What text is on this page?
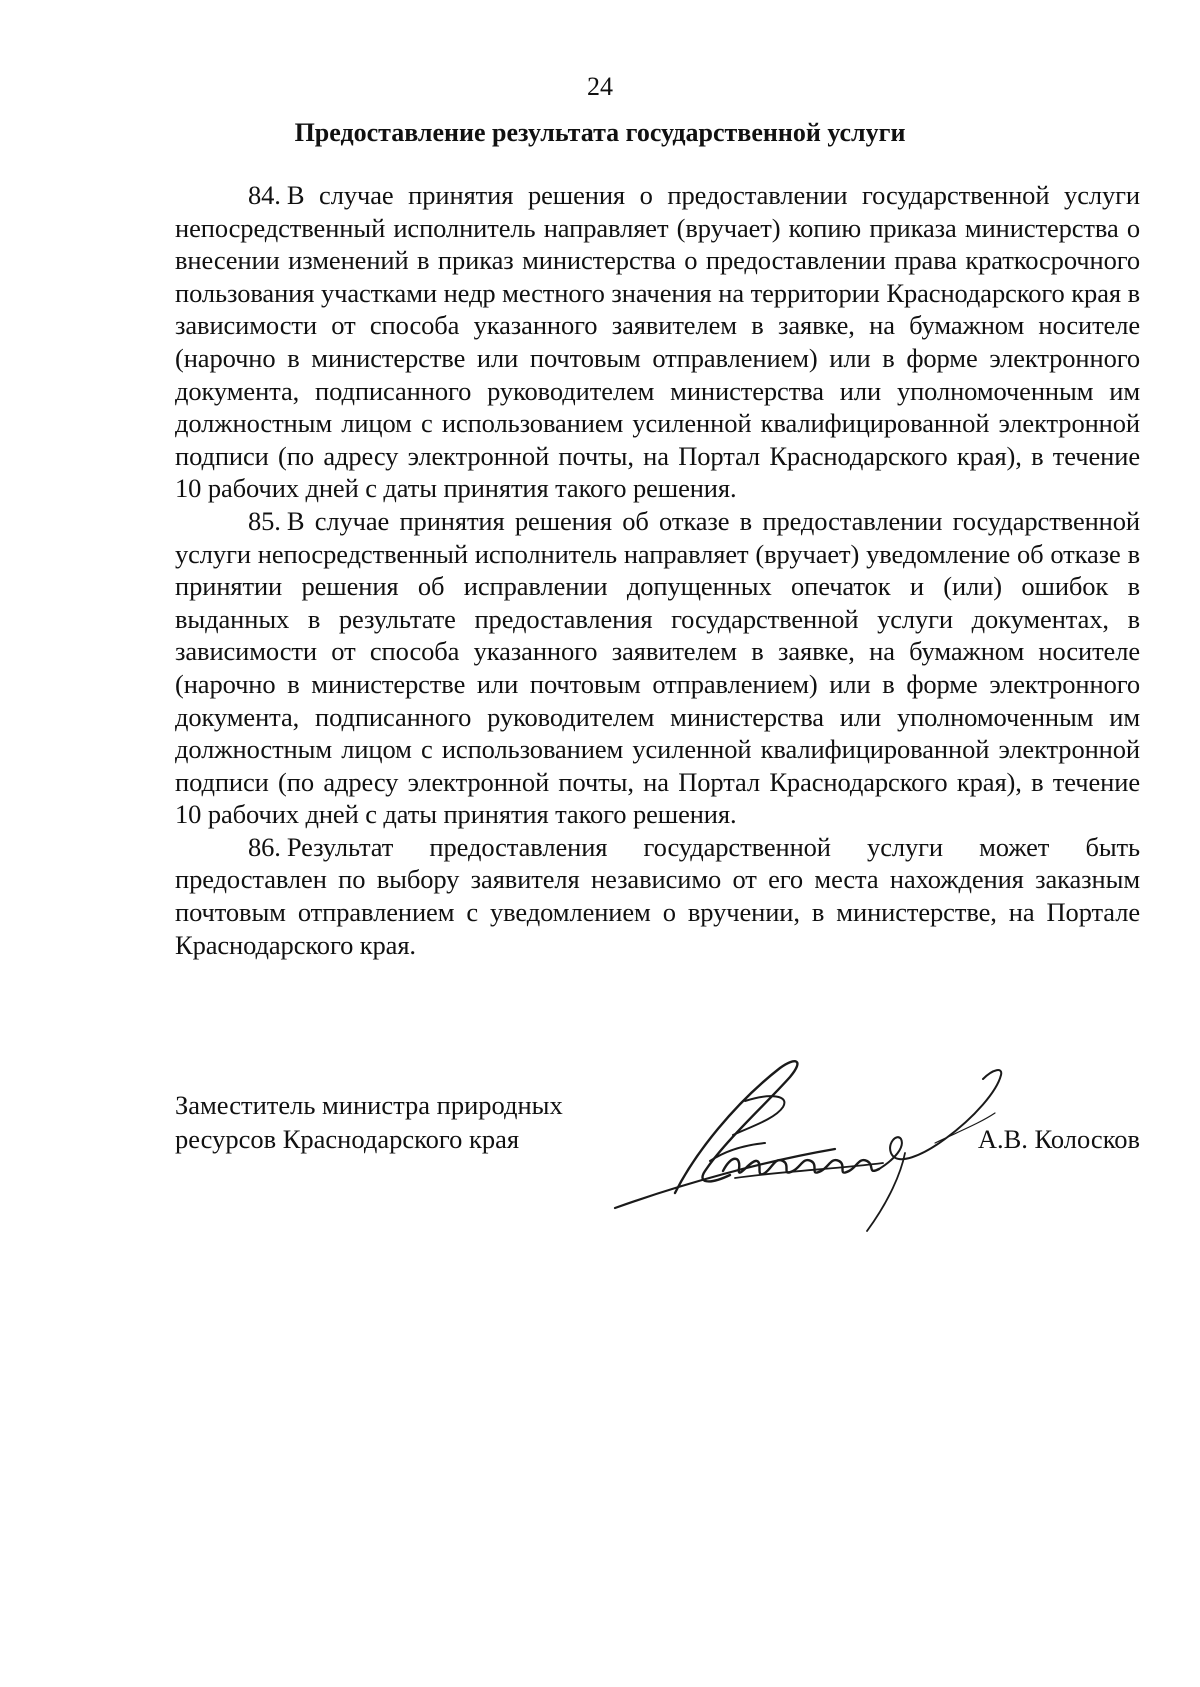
24
Предоставление результата государственной услуги

84. В случае принятия решения о предоставлении государственной услуги непосредственный исполнитель направляет (вручает) копию приказа министерства о внесении изменений в приказ министерства о предоставлении права краткосрочного пользования участками недр местного значения на территории Краснодарского края в зависимости от способа указанного заявителем в заявке, на бумажном носителе (нарочно в министерстве или почтовым отправлением) или в форме электронного документа, подписанного руководителем министерства или уполномоченным им должностным лицом с использованием усиленной квалифицированной электронной подписи (по адресу электронной почты, на Портал Краснодарского края), в течение 10 рабочих дней с даты принятия такого решения.

85. В случае принятия решения об отказе в предоставлении государственной услуги непосредственный исполнитель направляет (вручает) уведомление об отказе в принятии решения об исправлении допущенных опечаток и (или) ошибок в выданных в результате предоставления государственной услуги документах, в зависимости от способа указанного заявителем в заявке, на бумажном носителе (нарочно в министерстве или почтовым отправлением) или в форме электронного документа, подписанного руководителем министерства или уполномоченным им должностным лицом с использованием усиленной квалифицированной электронной подписи (по адресу электронной почты, на Портал Краснодарского края), в течение 10 рабочих дней с даты принятия такого решения.

86. Результат предоставления государственной услуги может быть предоставлен по выбору заявителя независимо от его места нахождения заказным почтовым отправлением с уведомлением о вручении, в министерстве, на Портале Краснодарского края.

Заместитель министра природных
ресурсов Краснодарского края	А.В. Колосков
